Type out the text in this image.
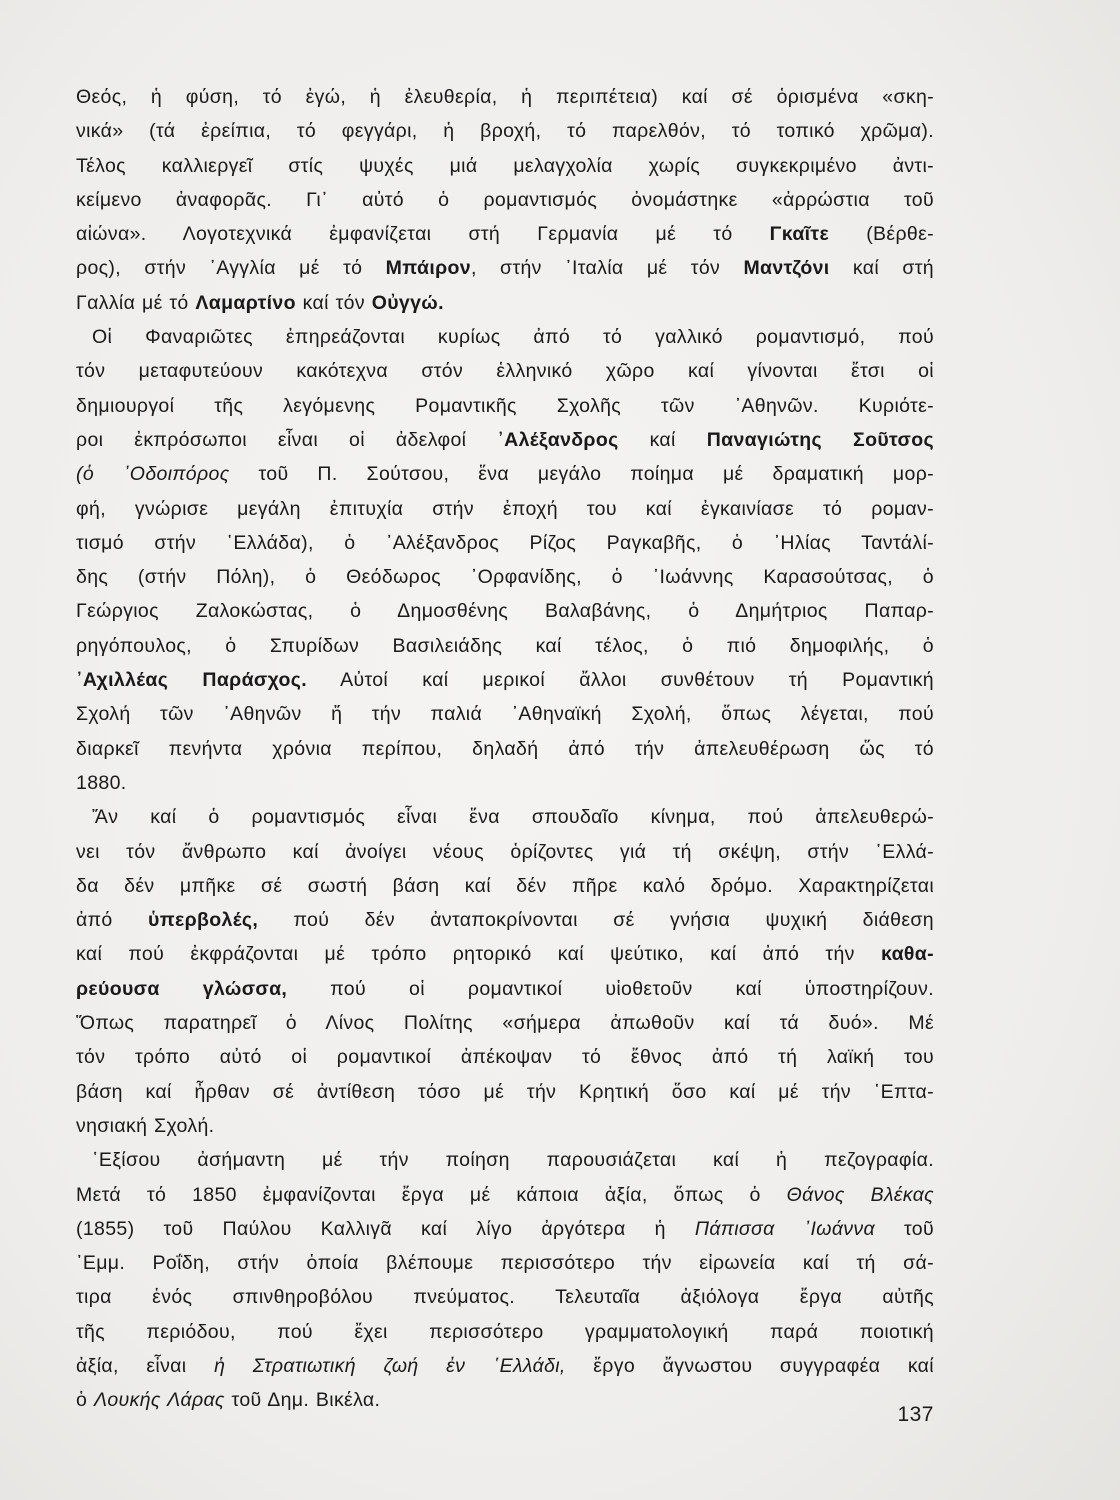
Θεός, ἡ φύση, τό ἐγώ, ἡ ἐλευθερία, ἡ περιπέτεια) καί σέ ὁρισμένα «σκη-
νικά» (τά ἐρείπια, τό φεγγάρι, ἡ βροχή, τό παρελθόν, τό τοπικό χρῶμα).
Τέλος καλλιεργεῖ στίς ψυχές μιά μελαγχολία χωρίς συγκεκριμένο ἀντι-
κείμενο ἀναφορᾶς. Γι᾽ αὐτό ὁ ρομαντισμός ὀνομάστηκε «ἀρρώστια τοῦ
αἰώνα». Λογοτεχνικά ἐμφανίζεται στή Γερμανία μέ τό Γκαῖτε (Βέρθε-
ρος), στήν ᾽Αγγλία μέ τό Μπάιρον, στήν ᾽Ιταλία μέ τόν Μαντζόνι καί στή
Γαλλία μέ τό Λαμαρτίνο καί τόν Οὐγγώ.
Οἱ Φαναριῶτες ἐπηρεάζονται κυρίως ἀπό τό γαλλικό ρομαντισμό, πού
τόν μεταφυτεύουν κακότεχνα στόν ἑλληνικό χῶρο καί γίνονται ἔτσι οἱ
δημιουργοί τῆς λεγόμενης Ρομαντικῆς Σχολῆς τῶν ᾽Αθηνῶν. Κυριότε-
ροι ἐκπρόσωποι εἶναι οἱ ἀδελφοί ᾽Αλέξανδρος καί Παναγιώτης Σοῦτσος
(ὁ ᾽Οδοιπόρος τοῦ Π. Σούτσου, ἕνα μεγάλο ποίημα μέ δραματική μορ-
φή, γνώρισε μεγάλη ἐπιτυχία στήν ἐποχή του καί ἐγκαινίασε τό ρομαν-
τισμό στήν ῾Ελλάδα), ὁ ᾽Αλέξανδρος Ρίζος Ραγκαβῆς, ὁ ᾽Ηλίας Ταντάλί-
δης (στήν Πόλη), ὁ Θεόδωρος ᾽Ορφανίδης, ὁ ᾽Ιωάννης Καρασούτσας, ὁ
Γεώργιος Ζαλοκώστας, ὁ Δημοσθένης Βαλαβάνης, ὁ Δημήτριος Παπαρ-
ρηγόπουλος, ὁ Σπυρίδων Βασιλειάδης καί τέλος, ὁ πιό δημοφιλής, ὁ
᾽Αχιλλέας Παράσχος. Αὐτοί καί μερικοί ἄλλοι συνθέτουν τή Ρομαντική
Σχολή τῶν ᾽Αθηνῶν ἤ τήν παλιά ᾽Αθηναϊκή Σχολή, ὅπως λέγεται, πού
διαρκεῖ πενήντα χρόνια περίπου, δηλαδή ἀπό τήν ἀπελευθέρωση ὥς τό
1880.
Ἄν καί ὁ ρομαντισμός εἶναι ἕνα σπουδαῖο κίνημα, πού ἀπελευθερώ-
νει τόν ἄνθρωπο καί ἀνοίγει νέους ὁρίζοντες γιά τή σκέψη, στήν ῾Ελλά-
δα δέν μπῆκε σέ σωστή βάση καί δέν πῆρε καλό δρόμο. Χαρακτηρίζεται
ἀπό ὑπερβολές, πού δέν ἀνταποκρίνονται σέ γνήσια ψυχική διάθεση
καί πού ἐκφράζονται μέ τρόπο ρητορικό καί ψεύτικο, καί ἀπό τήν καθα-
ρεύουσα γλώσσα, πού οἱ ρομαντικοί υἱοθετοῦν καί ὑποστηρίζουν.
Ὅπως παρατηρεῖ ὁ Λίνος Πολίτης «σήμερα ἀπωθοῦν καί τά δυό». Μέ
τόν τρόπο αὐτό οἱ ρομαντικοί ἀπέκοψαν τό ἔθνος ἀπό τή λαϊκή του
βάση καί ἦρθαν σέ ἀντίθεση τόσο μέ τήν Κρητική ὅσο καί μέ τήν ῾Επτα-
νησιακή Σχολή.
῾Εξίσου ἀσήμαντη μέ τήν ποίηση παρουσιάζεται καί ἡ πεζογραφία.
Μετά τό 1850 ἐμφανίζονται ἔργα μέ κάποια ἀξία, ὅπως ὁ Θάνος Βλέκας
(1855) τοῦ Παύλου Καλλιγᾶ καί λίγο ἀργότερα ἡ Πάπισσα ᾽Ιωάννα τοῦ
᾽Εμμ. Ροΐδη, στήν ὁποία βλέπουμε περισσότερο τήν εἰρωνεία καί τή σά-
τιρα ἑνός σπινθηροβόλου πνεύματος. Τελευταῖα ἀξιόλογα ἔργα αὐτῆς
τῆς περιόδου, πού ἔχει περισσότερο γραμματολογική παρά ποιοτική
ἀξία, εἶναι ἡ Στρατιωτική ζωή ἐν ῾Ελλάδι, ἔργο ἄγνωστου συγγραφέα καί
ὁ Λουκής Λάρας τοῦ Δημ. Βικέλα.
137
